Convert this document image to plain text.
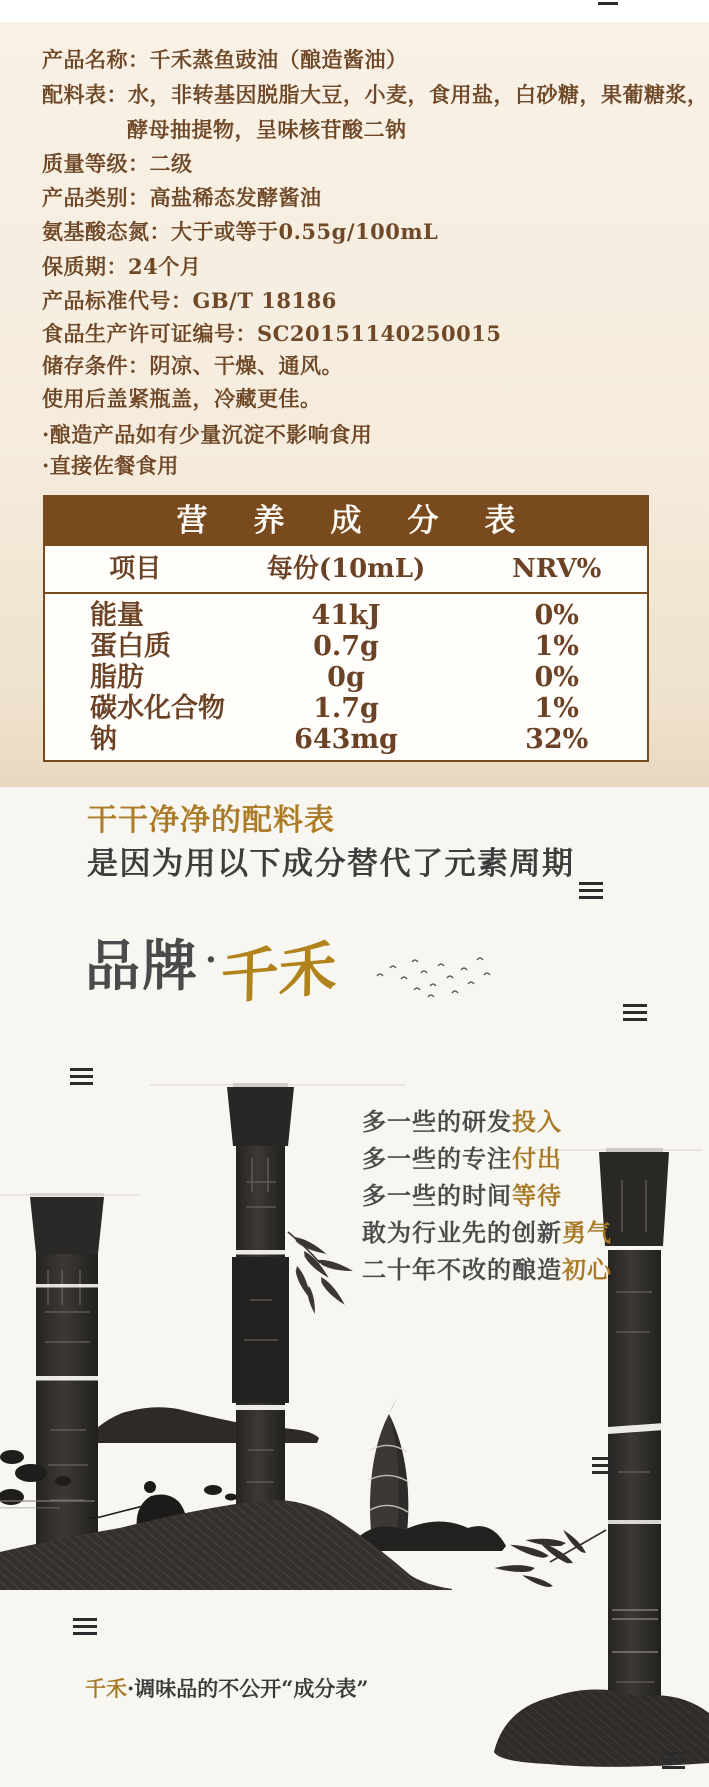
产品名称：千禾蒸鱼豉油（酿造酱油）
配料表：水，非转基因脱脂大豆，小麦，食用盐，白砂糖，果葡糖浆，
酵母抽提物，呈味核苷酸二钠
质量等级：二级
产品类别：高盐稀态发酵酱油
氨基酸态氮：大于或等于0.55g/100mL
保质期：24个月
产品标准代号：GB/T 18186
食品生产许可证编号：SC20151140250015
储存条件：阴凉、干燥、通风。
使用后盖紧瓶盖，冷藏更佳。
·酿造产品如有少量沉淀不影响食用
·直接佐餐食用
营养成分表
项目	每份(10mL)	NRV%
能量	41kJ	0%
蛋白质	0.7g	1%
脂肪	0g	0%
碳水化合物	1.7g	1%
钠	643mg	32%
干干净净的配料表
是因为用以下成分替代了元素周期
品牌 ·千禾
多一些的研发投入
多一些的专注付出
多一些的时间等待
敢为行业先的创新勇气
二十年不改的酿造初心
千禾·调味品的不公开“成分表”
